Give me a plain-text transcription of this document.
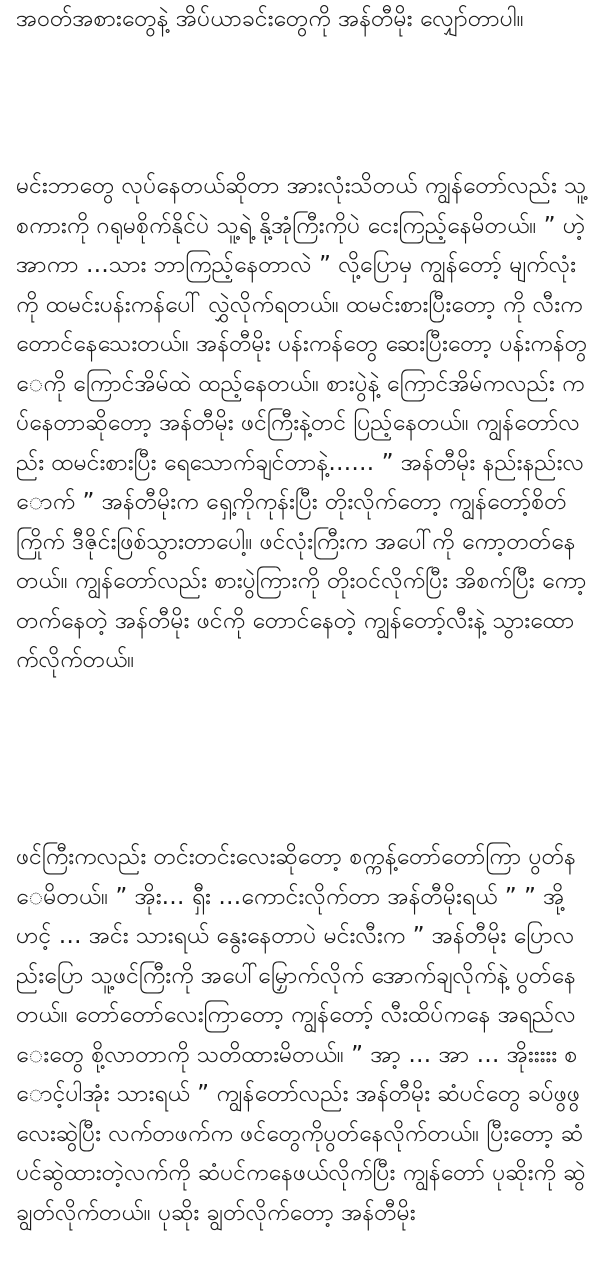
အဝတ်အစားတွေနဲ့ အိပ်ယာခင်းတွေကို အန်တီမိုး လျှော်တာပါ။

မင်းဘာတွေ လုပ်နေတယ်ဆိုတာ အားလုံးသိတယ် ကျွန်တော်လည်း သူ့စကားကို ဂရုမစိုက်နိုင်ပဲ သူ့ရဲ့ နို့အုံကြီးကိုပဲ ငေးကြည့်နေမိတယ်။ ” ဟဲ့ အာကာ …သား ဘာကြည့်နေတာလဲ ” လို့ပြောမှ ကျွန်တော့် မျက်လုံးကို ထမင်းပန်းကန်ပေါ် လွှဲလိုက်ရတယ်။ ထမင်းစားပြီးတော့ ကို လီးက တောင်နေသေးတယ်။ အန်တီမိုး ပန်းကန်တွေ ဆေးပြီးတော့ ပန်းကန်တွေကို ကြောင်အိမ်ထဲ ထည့်နေတယ်။ စားပွဲနဲ့ ကြောင်အိမ်ကလည်း ကပ်နေတာဆိုတော့ အန်တီမိုး ဖင်ကြီးနဲ့တင် ပြည့်နေတယ်။ ကျွန်တော်လည်း ထမင်းစားပြီး ရေသောက်ချင်တာနဲ့…… ” အန်တီမိုး နည်းနည်းလောက် ” အန်တီမိုးက ရှေ့ကိုကုန်းပြီး တိုးလိုက်တော့ ကျွန်တော့်စိတ်ကြိုက် ဒီဇိုင်းဖြစ်သွားတာပေါ့။ ဖင်လုံးကြီးက အပေါ်ကို ကော့တတ်နေတယ်။ ကျွန်တော်လည်း စားပွဲကြားကို တိုးဝင်လိုက်ပြီး အိစက်ပြီး ကော့တက်နေတဲ့ အန်တီမိုး ဖင်ကို တောင်နေတဲ့ ကျွန်တော့်လီးနဲ့ သွားထောက်လိုက်တယ်။

ဖင်ကြီးကလည်း တင်းတင်းလေးဆိုတော့ စက္ကန့်တော်တော်ကြာ ပွတ်နေမိတယ်။ ” အိုး… ရှီး …ကောင်းလိုက်တာ အန်တီမိုးရယ် ” ” အို့ ဟင့် … အင်း သားရယ် နွေးနေတာပဲ မင်းလီးက ” အန်တီမိုး ပြောလည်းပြော သူ့ဖင်ကြီးကို အပေါ်မြှောက်လိုက် အောက်ချလိုက်နဲ့ ပွတ်နေတယ်။ တော်တော်လေးကြာတော့ ကျွန်တော့် လီးထိပ်ကနေ အရည်လေးတွေ စို့လာတာကို သတိထားမိတယ်။ ” အာ့ … အာ … အိုးးးးး စောင့်ပါအုံး သားရယ် ” ကျွန်တော်လည်း အန်တီမိုး ဆံပင်တွေ ခပ်ဖွဖွလေးဆွဲပြီး လက်တဖက်က ဖင်တွေကိုပွတ်နေလိုက်တယ်။ ပြီးတော့ ဆံပင်ဆွဲထားတဲ့လက်ကို ဆံပင်ကနေဖယ်လိုက်ပြီး ကျွန်တော် ပုဆိုးကို ဆွဲချွတ်လိုက်တယ်။ ပုဆိုး ချွတ်လိုက်တော့ အန်တီမိုး
